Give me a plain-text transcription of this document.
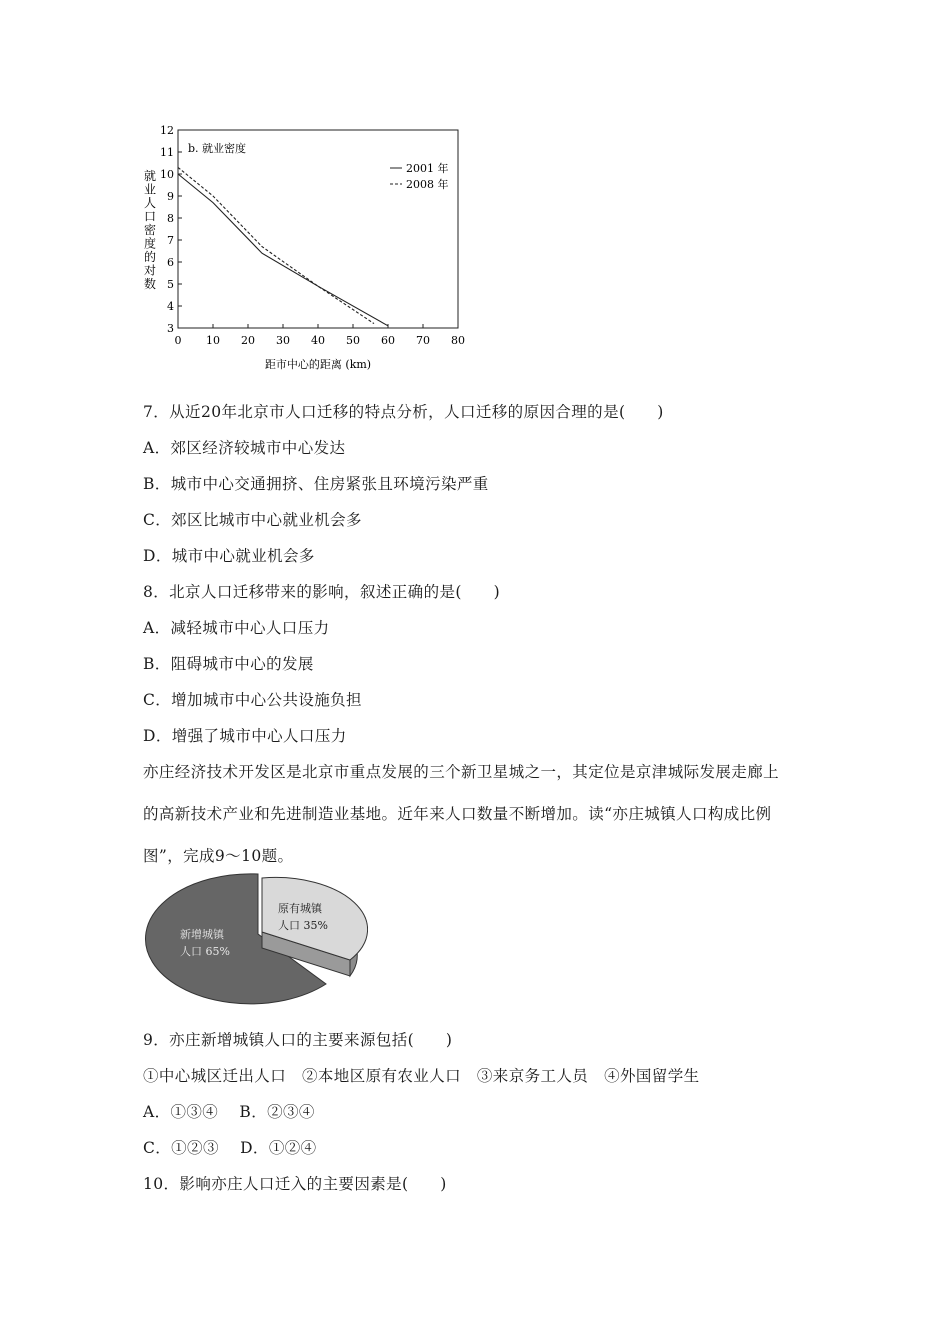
3
4
5
6
7
8
9
10
11
12
0 10 20 30 40 50 60 70 80
b. 就业密度
2001 年
2008 年
距市中心的距离 (km)
就
业
人
口
密
度
的
对
数
7．从近20年北京市人口迁移的特点分析，人口迁移的原因合理的是(　　)
A．郊区经济较城市中心发达
B．城市中心交通拥挤、住房紧张且环境污染严重
C．郊区比城市中心就业机会多
D．城市中心就业机会多
8．北京人口迁移带来的影响，叙述正确的是(　　)
A．减轻城市中心人口压力
B．阻碍城市中心的发展
C．增加城市中心公共设施负担
D．增强了城市中心人口压力
亦庄经济技术开发区是北京市重点发展的三个新卫星城之一，其定位是京津城际发展走廊上
的高新技术产业和先进制造业基地。近年来人口数量不断增加。读“亦庄城镇人口构成比例
图”，完成9～10题。
原有城镇
人口 35%
新增城镇
人口 65%
9．亦庄新增城镇人口的主要来源包括(　　)
①中心城区迁出人口　②本地区原有农业人口　③来京务工人员　④外国留学生
A．①③④　 B．②③④
C．①②③　 D．①②④
10．影响亦庄人口迁入的主要因素是(　　)
